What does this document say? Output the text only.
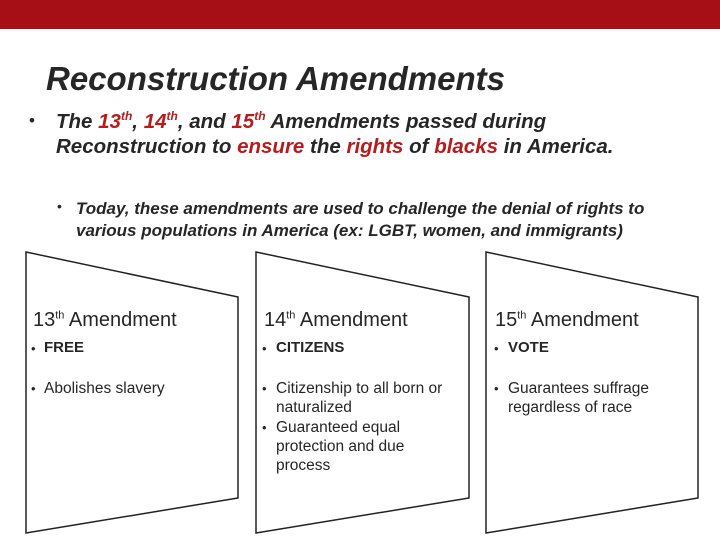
Reconstruction Amendments
• The 13th, 14th, and 15th Amendments passed during Reconstruction to ensure the rights of blacks in America.
• Today, these amendments are used to challenge the denial of rights to various populations in America (ex: LGBT, women, and immigrants)
13th Amendment
• FREE
• Abolishes slavery
14th Amendment
• CITIZENS
• Citizenship to all born or naturalized
• Guaranteed equal protection and due process
15th Amendment
• VOTE
• Guarantees suffrage regardless of race
